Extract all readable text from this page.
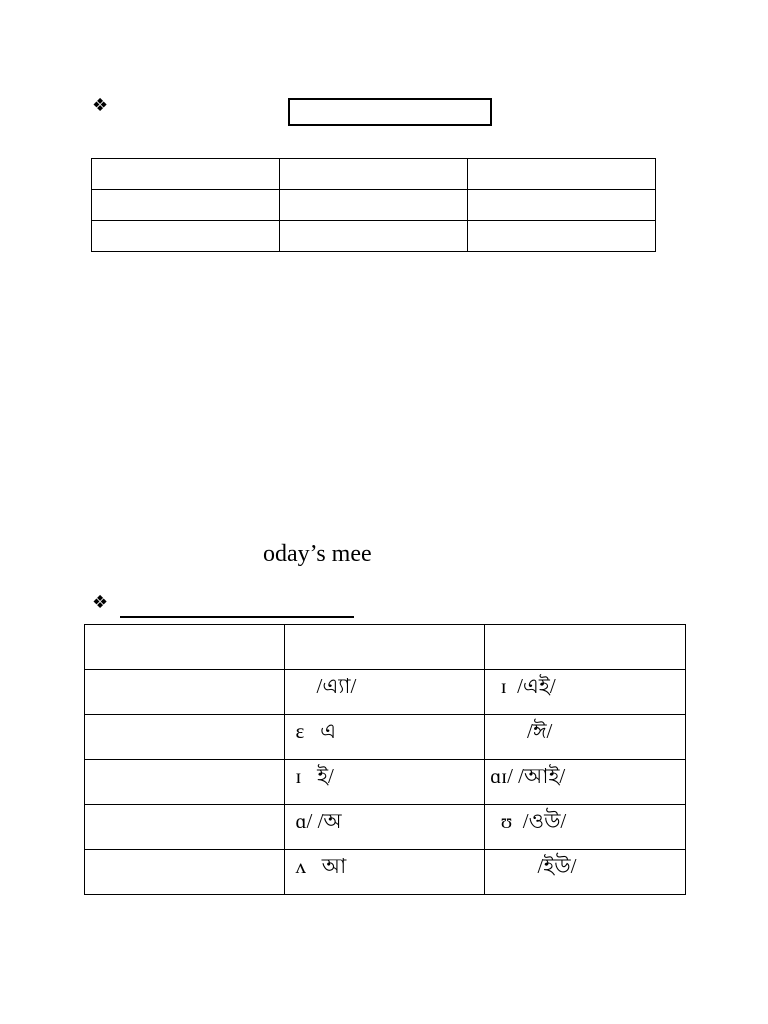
❖

oday’s mee
❖

	/এ্যা/	ɪ  /এই/

	ɛ   এ	/ঈ/

	ɪ   ই/	ɑɪ/ /আই/

	ɑ/ /অ	ʊ  /ওউ/

	ʌ   আ	/ইউ/
